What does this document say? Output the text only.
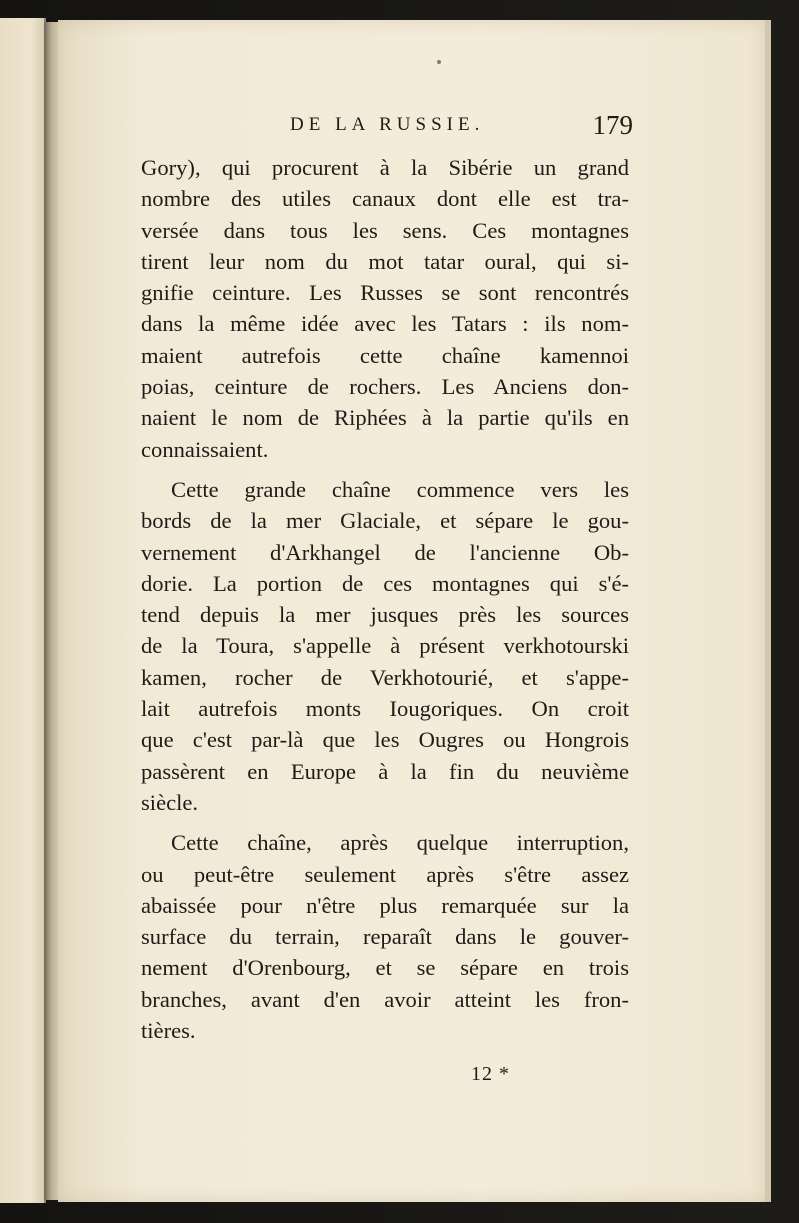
DE LA RUSSIE.	179
Gory), qui procurent à la Sibérie un grand
nombre des utiles canaux dont elle est tra-
versée dans tous les sens. Ces montagnes
tirent leur nom du mot tatar oural, qui si-
gnifie ceinture. Les Russes se sont rencontrés
dans la même idée avec les Tatars : ils nom-
maient autrefois cette chaîne kamennoi
poias, ceinture de rochers. Les Anciens don-
naient le nom de Riphées à la partie qu'ils en
connaissaient.
Cette grande chaîne commence vers les
bords de la mer Glaciale, et sépare le gou-
vernement d'Arkhangel de l'ancienne Ob-
dorie. La portion de ces montagnes qui s'é-
tend depuis la mer jusques près les sources
de la Toura, s'appelle à présent verkhotourski
kamen, rocher de Verkhotourié, et s'appe-
lait autrefois monts Iougoriques. On croit
que c'est par-là que les Ougres ou Hongrois
passèrent en Europe à la fin du neuvième
siècle.
Cette chaîne, après quelque interruption,
ou peut-être seulement après s'être assez
abaissée pour n'être plus remarquée sur la
surface du terrain, reparaît dans le gouver-
nement d'Orenbourg, et se sépare en trois
branches, avant d'en avoir atteint les fron-
tières.
12 *
